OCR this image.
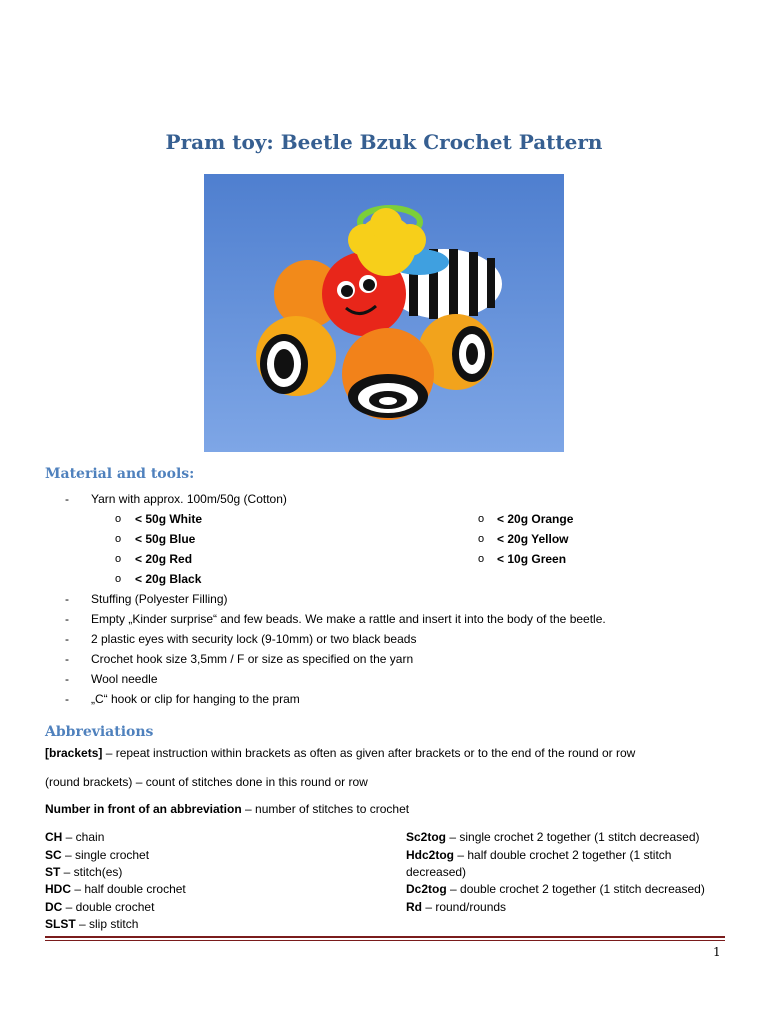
Pram toy: Beetle Bzuk Crochet Pattern
Material and tools:
- Yarn with approx. 100m/50g (Cotton)
o < 50g White
o < 50g Blue
o < 20g Red
o < 20g Black
o < 20g Orange
o < 20g Yellow
o < 10g Green
- Stuffing (Polyester Filling)
- Empty „Kinder surprise“ and few beads. We make a rattle and insert it into the body of the beetle.
- 2 plastic eyes with security lock (9-10mm) or two black beads
- Crochet hook size 3,5mm / F or size as specified on the yarn
- Wool needle
- „C“ hook or clip for hanging to the pram
Abbreviations
[brackets] – repeat instruction within brackets as often as given after brackets or to the end of the round or row
(round brackets) – count of stitches done in this round or row
Number in front of an abbreviation – number of stitches to crochet
CH – chain
SC – single crochet
ST – stitch(es)
HDC – half double crochet
DC – double crochet
SLST – slip stitch
Sc2tog – single crochet 2 together (1 stitch decreased)
Hdc2tog – half double crochet 2 together (1 stitch
decreased)
Dc2tog – double crochet 2 together (1 stitch decreased)
Rd – round/rounds
1
